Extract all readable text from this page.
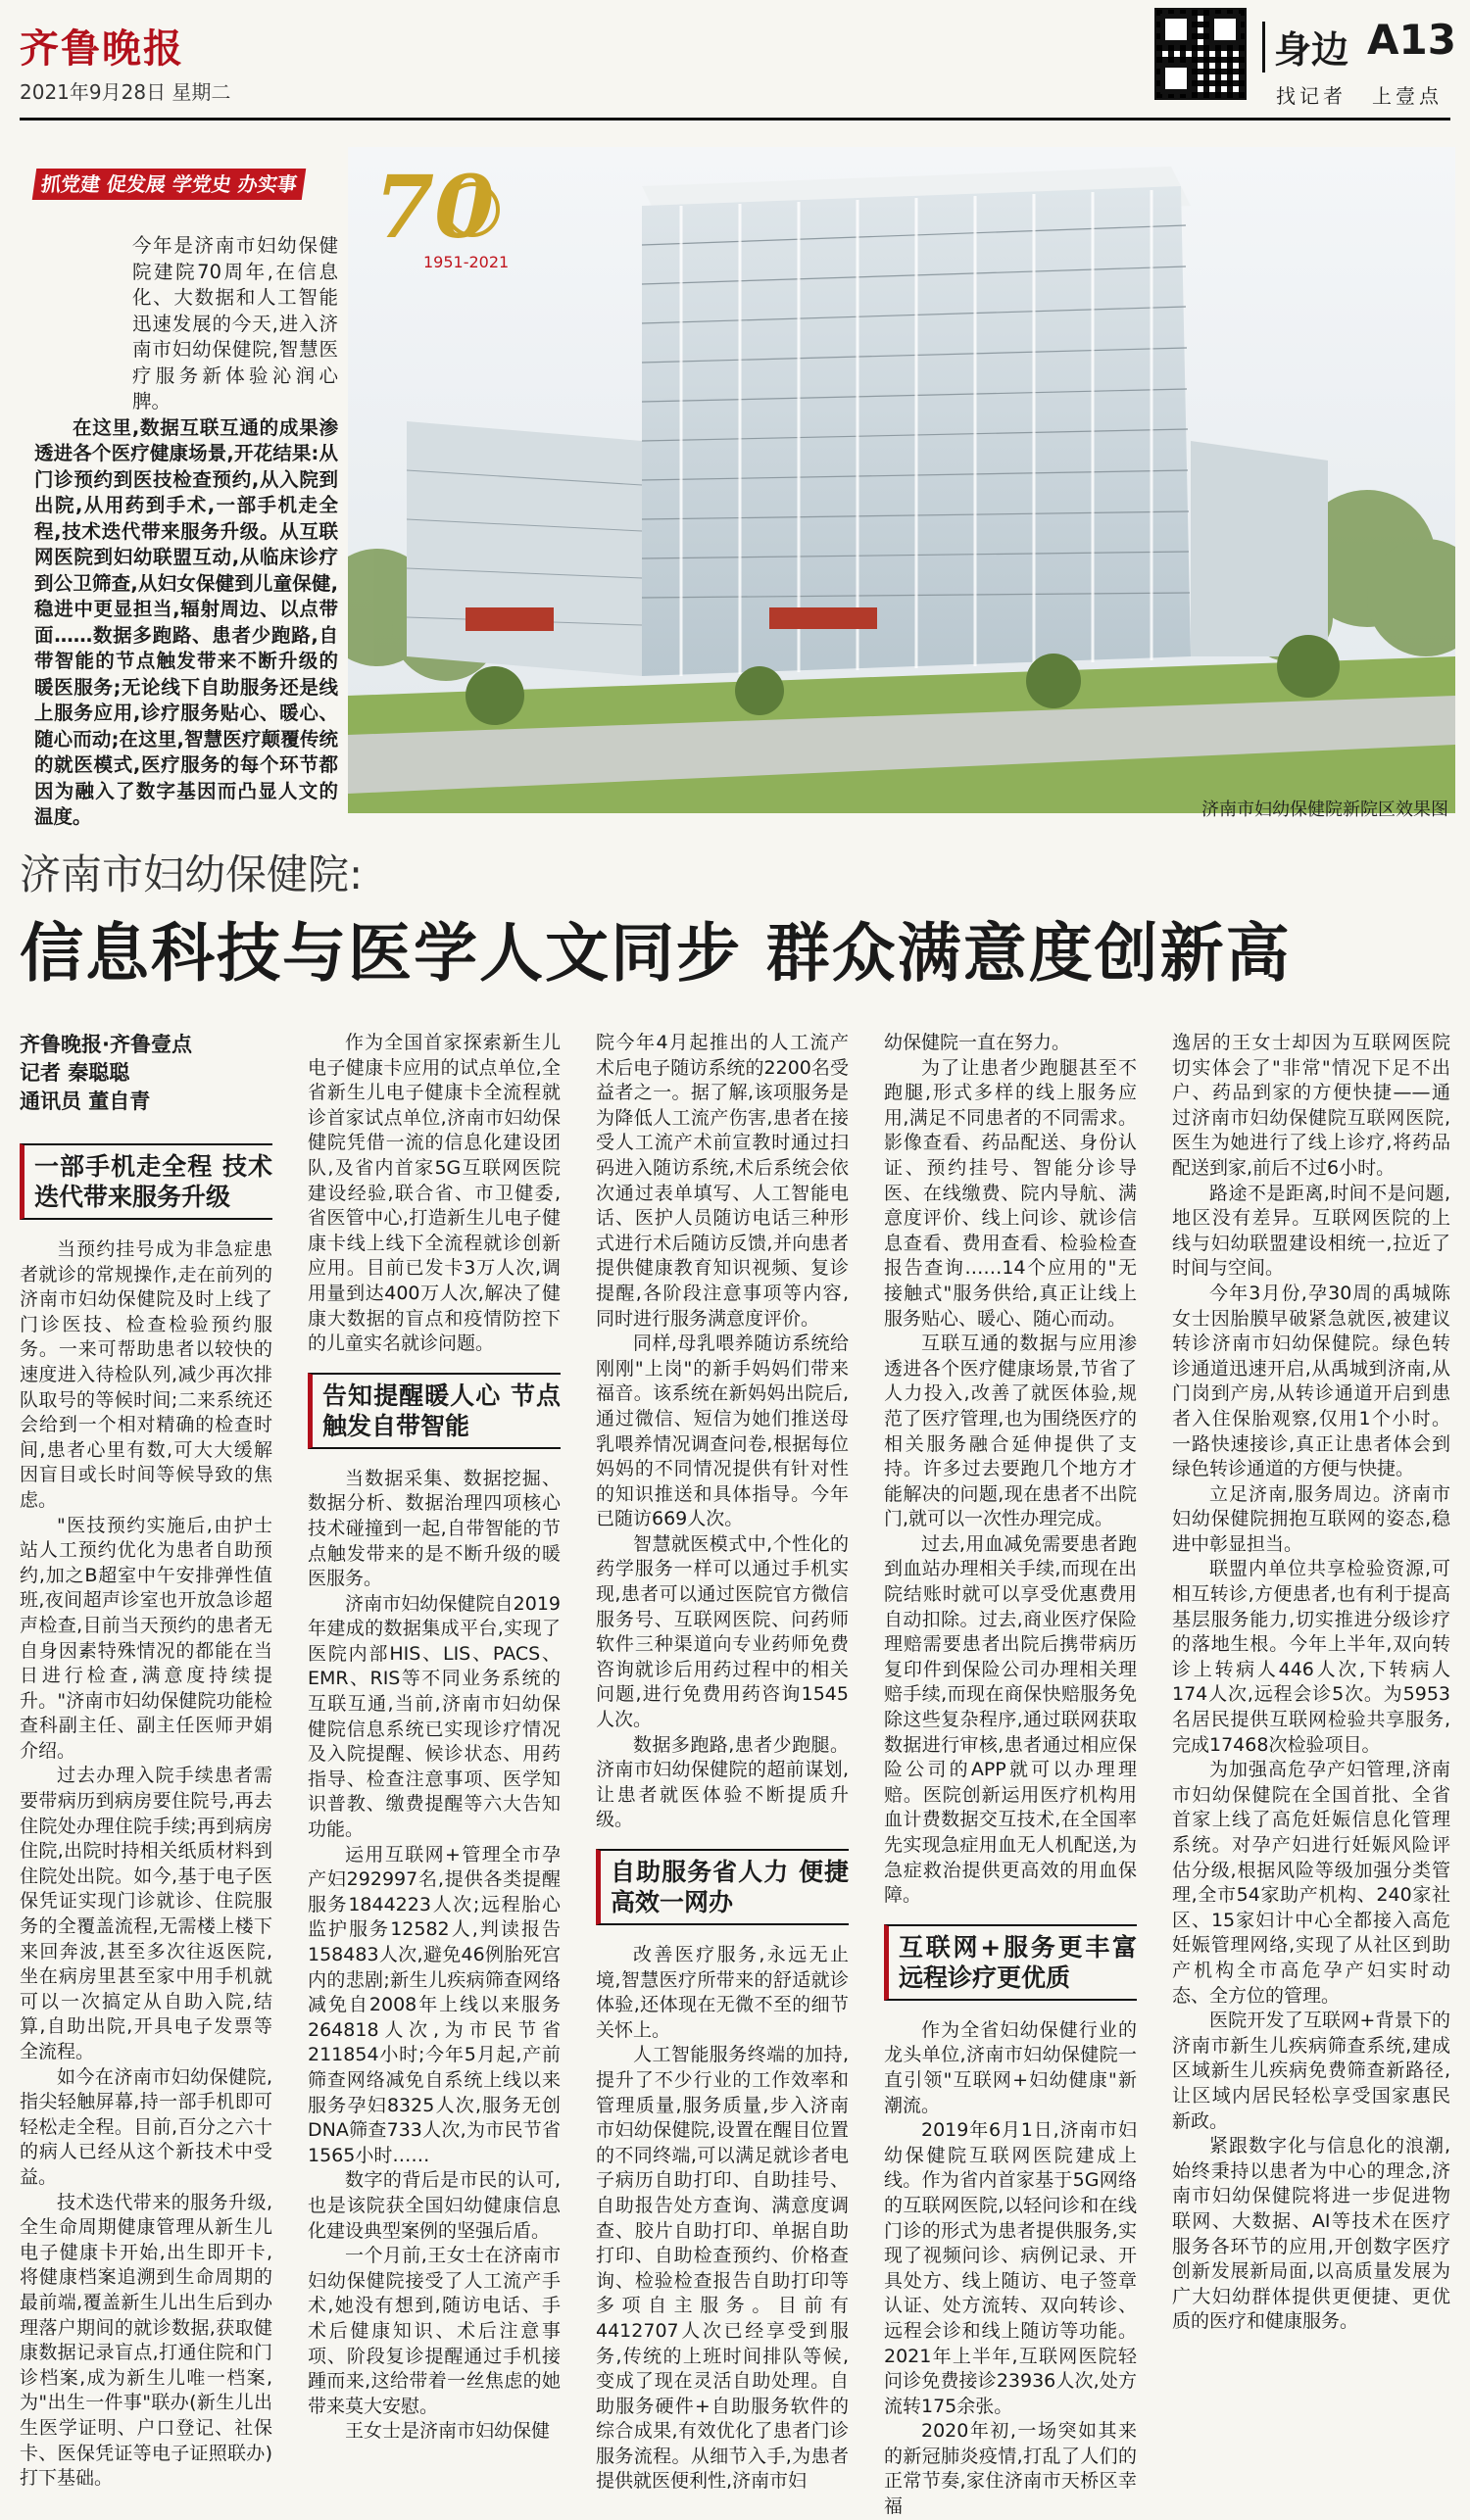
齐鲁晚报
2021年9月28日 星期二
身边 A13
找记者 上壹点
济南市妇幼保健院新院区效果图
抓党建 促发展 学党史 办实事 70
1951-2021

今年是济南市妇幼保健院建院70周年,在信息化、大数据和人工智能迅速发展的今天,进入济南市妇幼保健院,智慧医疗服务新体验沁润心脾。

在这里,数据互联互通的成果渗透进各个医疗健康场景,开花结果:从门诊预约到医技检查预约,从入院到出院,从用药到手术,一部手机走全程,技术迭代带来服务升级。从互联网医院到妇幼联盟互动,从临床诊疗到公卫筛查,从妇女保健到儿童保健,稳进中更显担当,辐射周边、以点带面……数据多跑路、患者少跑路,自带智能的节点触发带来不断升级的暖医服务;无论线下自助服务还是线上服务应用,诊疗服务贴心、暖心、随心而动;在这里,智慧医疗颠覆传统的就医模式,医疗服务的每个环节都因为融入了数字基因而凸显人文的温度。

济南市妇幼保健院:
信息科技与医学人文同步 群众满意度创新高
齐鲁晚报·齐鲁壹点
记者 秦聪聪
通讯员 董自青
一部手机走全程 技术迭代带来服务升级

当预约挂号成为非急症患者就诊的常规操作,走在前列的济南市妇幼保健院及时上线了门诊医技、检查检验预约服务。一来可帮助患者以较快的速度进入待检队列,减少再次排队取号的等候时间;二来系统还会给到一个相对精确的检查时间,患者心里有数,可大大缓解因盲目或长时间等候导致的焦虑。

"医技预约实施后,由护士站人工预约优化为患者自助预约,加之B超室中午安排弹性值班,夜间超声诊室也开放急诊超声检查,目前当天预约的患者无自身因素特殊情况的都能在当日进行检查,满意度持续提升。"济南市妇幼保健院功能检查科副主任、副主任医师尹娟介绍。

过去办理入院手续患者需要带病历到病房要住院号,再去住院处办理住院手续;再到病房住院,出院时持相关纸质材料到住院处出院。如今,基于电子医保凭证实现门诊就诊、住院服务的全覆盖流程,无需楼上楼下来回奔波,甚至多次往返医院,坐在病房里甚至家中用手机就可以一次搞定从自助入院,结算,自助出院,开具电子发票等全流程。

如今在济南市妇幼保健院,指尖轻触屏幕,持一部手机即可轻松走全程。目前,百分之六十的病人已经从这个新技术中受益。

技术迭代带来的服务升级,全生命周期健康管理从新生儿电子健康卡开始,出生即开卡,将健康档案追溯到生命周期的最前端,覆盖新生儿出生后到办理落户期间的就诊数据,获取健康数据记录盲点,打通住院和门诊档案,成为新生儿唯一档案,为"出生一件事"联办(新生儿出生医学证明、户口登记、社保卡、医保凭证等电子证照联办)打下基础。

作为全国首家探索新生儿电子健康卡应用的试点单位,全省新生儿电子健康卡全流程就诊首家试点单位,济南市妇幼保健院凭借一流的信息化建设团队,及省内首家5G互联网医院建设经验,联合省、市卫健委,省医管中心,打造新生儿电子健康卡线上线下全流程就诊创新应用。目前已发卡3万人次,调用量到达400万人次,解决了健康大数据的盲点和疫情防控下的儿童实名就诊问题。

告知提醒暖人心 节点触发自带智能

当数据采集、数据挖掘、数据分析、数据治理四项核心技术碰撞到一起,自带智能的节点触发带来的是不断升级的暖医服务。

济南市妇幼保健院自2019年建成的数据集成平台,实现了医院内部HIS、LIS、PACS、EMR、RIS等不同业务系统的互联互通,当前,济南市妇幼保健院信息系统已实现诊疗情况及入院提醒、候诊状态、用药指导、检查注意事项、医学知识普教、缴费提醒等六大告知功能。

运用互联网+管理全市孕产妇292997名,提供各类提醒服务1844223人次;远程胎心监护服务12582人,判读报告158483人次,避免46例胎死宫内的悲剧;新生儿疾病筛查网络减免自2008年上线以来服务264818人次,为市民节省211854小时;今年5月起,产前筛查网络减免自系统上线以来服务孕妇8325人次,服务无创DNA筛查733人次,为市民节省1565小时……

数字的背后是市民的认可,也是该院获全国妇幼健康信息化建设典型案例的坚强后盾。

一个月前,王女士在济南市妇幼保健院接受了人工流产手术,她没有想到,随访电话、手术后健康知识、术后注意事项、阶段复诊提醒通过手机接踵而来,这给带着一丝焦虑的她带来莫大安慰。

王女士是济南市妇幼保健

院今年4月起推出的人工流产术后电子随访系统的2200名受益者之一。据了解,该项服务是为降低人工流产伤害,患者在接受人工流产术前宣教时通过扫码进入随访系统,术后系统会依次通过表单填写、人工智能电话、医护人员随访电话三种形式进行术后随访反馈,并向患者提供健康教育知识视频、复诊提醒,各阶段注意事项等内容,同时进行服务满意度评价。

同样,母乳喂养随访系统给刚刚"上岗"的新手妈妈们带来福音。该系统在新妈妈出院后,通过微信、短信为她们推送母乳喂养情况调查问卷,根据每位妈妈的不同情况提供有针对性的知识推送和具体指导。今年已随访669人次。

智慧就医模式中,个性化的药学服务一样可以通过手机实现,患者可以通过医院官方微信服务号、互联网医院、问药师软件三种渠道向专业药师免费咨询就诊后用药过程中的相关问题,进行免费用药咨询1545人次。

数据多跑路,患者少跑腿。济南市妇幼保健院的超前谋划,让患者就医体验不断提质升级。

自助服务省人力 便捷高效一网办

改善医疗服务,永远无止境,智慧医疗所带来的舒适就诊体验,还体现在无微不至的细节关怀上。

人工智能服务终端的加持,提升了不少行业的工作效率和管理质量,服务质量,步入济南市妇幼保健院,设置在醒目位置的不同终端,可以满足就诊者电子病历自助打印、自助挂号、自助报告处方查询、满意度调查、胶片自助打印、单据自助打印、自助检查预约、价格查询、检验检查报告自助打印等多项自主服务。目前有4412707人次已经享受到服务,传统的上班时间排队等候,变成了现在灵活自助处理。自助服务硬件+自助服务软件的综合成果,有效优化了患者门诊服务流程。从细节入手,为患者提供就医便利性,济南市妇

幼保健院一直在努力。

为了让患者少跑腿甚至不跑腿,形式多样的线上服务应用,满足不同患者的不同需求。影像查看、药品配送、身份认证、预约挂号、智能分诊导医、在线缴费、院内导航、满意度评价、线上问诊、就诊信息查看、费用查看、检验检查报告查询……14个应用的"无接触式"服务供给,真正让线上服务贴心、暖心、随心而动。

互联互通的数据与应用渗透进各个医疗健康场景,节省了人力投入,改善了就医体验,规范了医疗管理,也为围绕医疗的相关服务融合延伸提供了支持。许多过去要跑几个地方才能解决的问题,现在患者不出院门,就可以一次性办理完成。

过去,用血减免需要患者跑到血站办理相关手续,而现在出院结账时就可以享受优惠费用自动扣除。过去,商业医疗保险理赔需要患者出院后携带病历复印件到保险公司办理相关理赔手续,而现在商保快赔服务免除这些复杂程序,通过联网获取数据进行审核,患者通过相应保险公司的APP就可以办理理赔。医院创新运用医疗机构用血计费数据交互技术,在全国率先实现急症用血无人机配送,为急症救治提供更高效的用血保障。

互联网+服务更丰富 远程诊疗更优质

作为全省妇幼保健行业的龙头单位,济南市妇幼保健院一直引领"互联网+妇幼健康"新潮流。

2019年6月1日,济南市妇幼保健院互联网医院建成上线。作为省内首家基于5G网络的互联网医院,以轻问诊和在线门诊的形式为患者提供服务,实现了视频问诊、病例记录、开具处方、线上随访、电子签章认证、处方流转、双向转诊、远程会诊和线上随访等功能。2021年上半年,互联网医院轻问诊免费接诊23936人次,处方流转175余张。

2020年初,一场突如其来的新冠肺炎疫情,打乱了人们的正常节奏,家住济南市天桥区幸福

逸居的王女士却因为互联网医院切实体会了"非常"情况下足不出户、药品到家的方便快捷——通过济南市妇幼保健院互联网医院,医生为她进行了线上诊疗,将药品配送到家,前后不过6小时。

路途不是距离,时间不是问题,地区没有差异。互联网医院的上线与妇幼联盟建设相统一,拉近了时间与空间。

今年3月份,孕30周的禹城陈女士因胎膜早破紧急就医,被建议转诊济南市妇幼保健院。绿色转诊通道迅速开启,从禹城到济南,从门岗到产房,从转诊通道开启到患者入住保胎观察,仅用1个小时。一路快速接诊,真正让患者体会到绿色转诊通道的方便与快捷。

立足济南,服务周边。济南市妇幼保健院拥抱互联网的姿态,稳进中彰显担当。

联盟内单位共享检验资源,可相互转诊,方便患者,也有利于提高基层服务能力,切实推进分级诊疗的落地生根。今年上半年,双向转诊上转病人446人次,下转病人174人次,远程会诊5次。为5953名居民提供互联网检验共享服务,完成17468次检验项目。

为加强高危孕产妇管理,济南市妇幼保健院在全国首批、全省首家上线了高危妊娠信息化管理系统。对孕产妇进行妊娠风险评估分级,根据风险等级加强分类管理,全市54家助产机构、240家社区、15家妇计中心全都接入高危妊娠管理网络,实现了从社区到助产机构全市高危孕产妇实时动态、全方位的管理。

医院开发了互联网+背景下的济南市新生儿疾病筛查系统,建成区域新生儿疾病免费筛查新路径,让区域内居民轻松享受国家惠民新政。

紧跟数字化与信息化的浪潮,始终秉持以患者为中心的理念,济南市妇幼保健院将进一步促进物联网、大数据、AI等技术在医疗服务各环节的应用,开创数字医疗创新发展新局面,以高质量发展为广大妇幼群体提供更便捷、更优质的医疗和健康服务。
